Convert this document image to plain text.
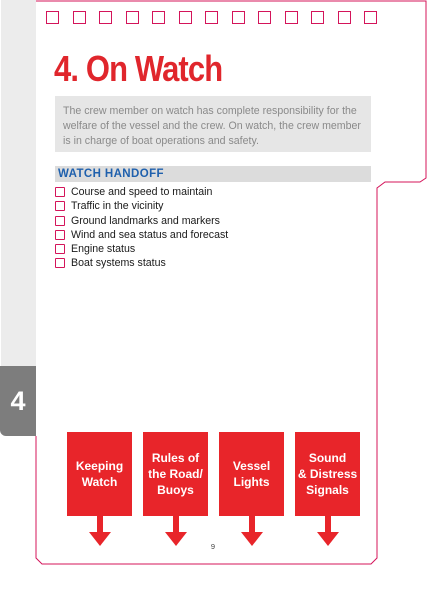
4
4. On Watch
The crew member on watch has complete responsibility for the welfare of the vessel and the crew. On watch, the crew member is in charge of boat operations and safety.
WATCH HANDOFF
Course and speed to maintain
Traffic in the vicinity
Ground landmarks and markers
Wind and sea status and forecast
Engine status
Boat systems status
Keeping
Watch
Rules of
the Road/
Buoys
Vessel
Lights
Sound
& Distress
Signals
9
